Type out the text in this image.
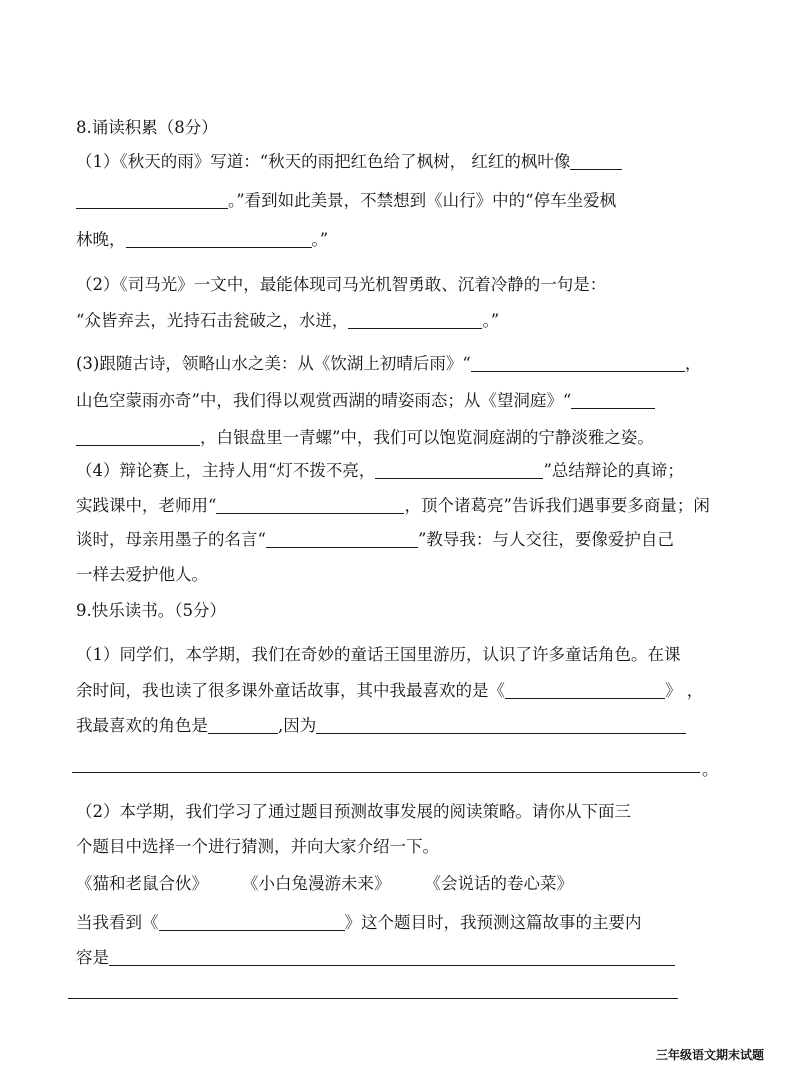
8.诵读积累（8分）
（1）《秋天的雨》写道：“秋天的雨把红色给了枫树， 红红的枫叶像
。”看到如此美景，不禁想到《山行》中的“停车坐爱枫
林晚，	。”
（2）《司马光》一文中，最能体现司马光机智勇敢、沉着冷静的一句是：
“众皆弃去，光持石击瓮破之，水迸，	。”
(3)跟随古诗，领略山水之美：从《饮湖上初晴后雨》“	，
山色空蒙雨亦奇”中，我们得以观赏西湖的晴姿雨态；从《望洞庭》“
，白银盘里一青螺”中，我们可以饱览洞庭湖的宁静淡雅之姿。
（4）辩论赛上，主持人用“灯不拨不亮，	”总结辩论的真谛；
实践课中，老师用“	，顶个诸葛亮”告诉我们遇事要多商量；闲
谈时，母亲用墨子的名言“	”教导我：与人交往，要像爱护自己
一样去爱护他人。
9.快乐读书。（5分）
（1）同学们，本学期，我们在奇妙的童话王国里游历，认识了许多童话角色。在课
余时间，我也读了很多课外童话故事，其中我最喜欢的是《	》 ，
我最喜欢的角色是	,因为
。
（2）本学期，我们学习了通过题目预测故事发展的阅读策略。请你从下面三
个题目中选择一个进行猜测，并向大家介绍一下。
《猫和老鼠合伙》 《小白兔漫游未来》 《会说话的卷心菜》
当我看到《	》这个题目时，我预测这篇故事的主要内
容是
三年级语文期末试题
